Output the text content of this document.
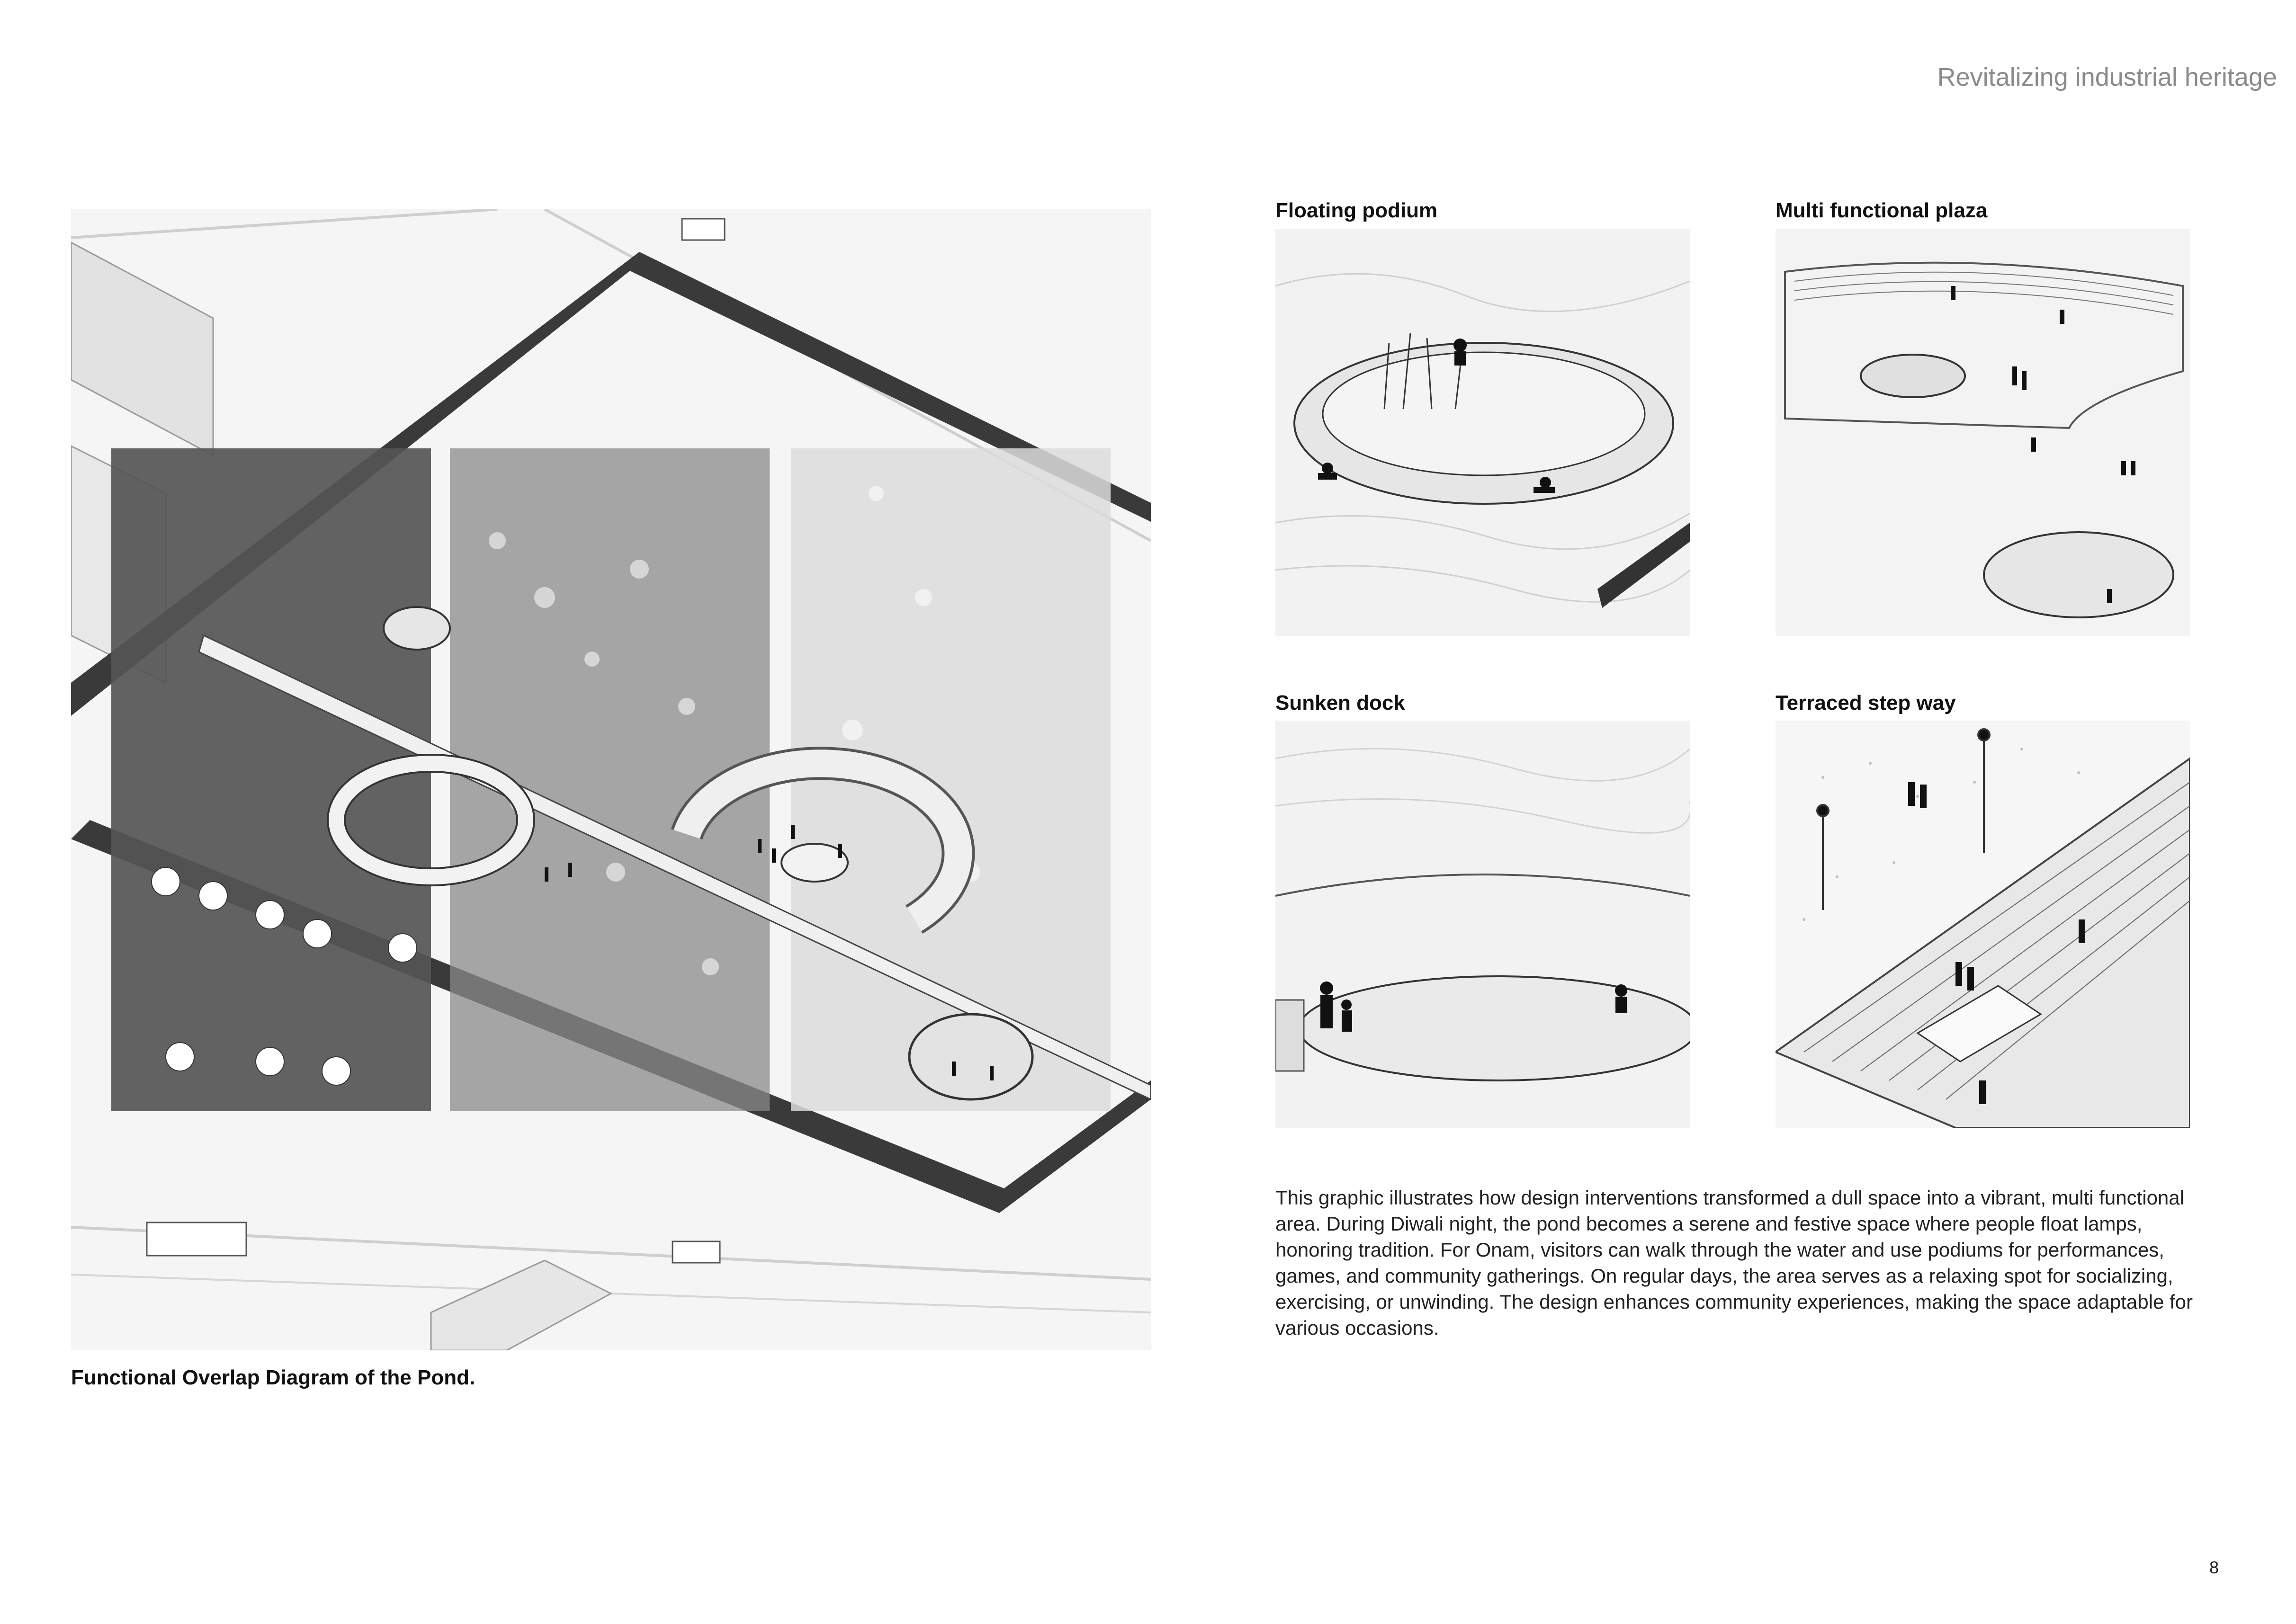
Revitalizing industrial heritage
Functional Overlap Diagram of the Pond.
Floating podium	Multi functional plaza
Sunken dock	Terraced step way
This graphic illustrates how design interventions transformed a dull space into a vibrant, multi functional area. During Diwali night, the pond becomes a serene and festive space where people float lamps, honoring tradition. For Onam, visitors can walk through the water and use podiums for performances, games, and community gatherings. On regular days, the area serves as a relaxing spot for socializing, exercising, or unwinding. The design enhances community experiences, making the space adaptable for various occasions.
8
